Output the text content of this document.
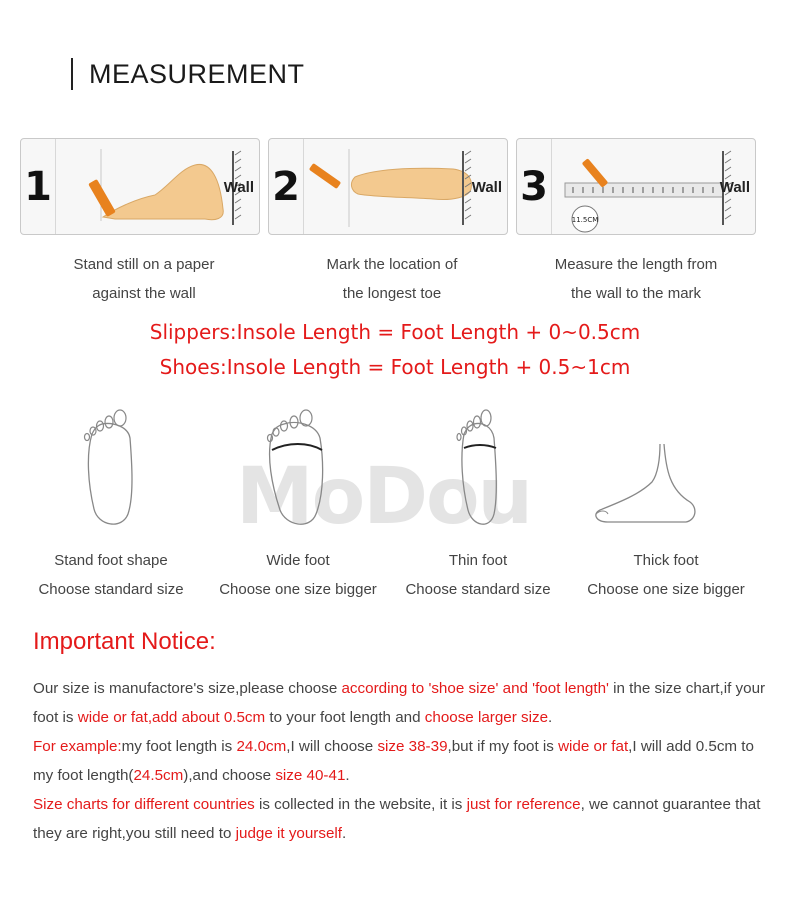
MEASUREMENT
1	Wall 2	Wall 3
11.5CM
Wall
Stand still on a paper
against the wall
Mark the location of
the longest toe
Measure the length from
the wall to the mark
Slippers:Insole Length = Foot Length + 0~0.5cm
Shoes:Insole Length = Foot Length + 0.5~1cm
MoDou
Stand foot shape
Choose standard size
Wide foot
Choose one size bigger
Thin foot
Choose standard size
Thick foot
Choose one size bigger
Important Notice:
Our size is manufactore's size,please choose according to 'shoe size' and 'foot length' in the size chart,if your foot is wide or fat,add about 0.5cm to your foot length and choose larger size.
For example:my foot length is 24.0cm,I will choose size 38-39,but if my foot is wide or fat,I will add 0.5cm to my foot length(24.5cm),and choose size 40-41.
Size charts for different countries is collected in the website, it is just for reference, we cannot guarantee that they are right,you still need to judge it yourself.
